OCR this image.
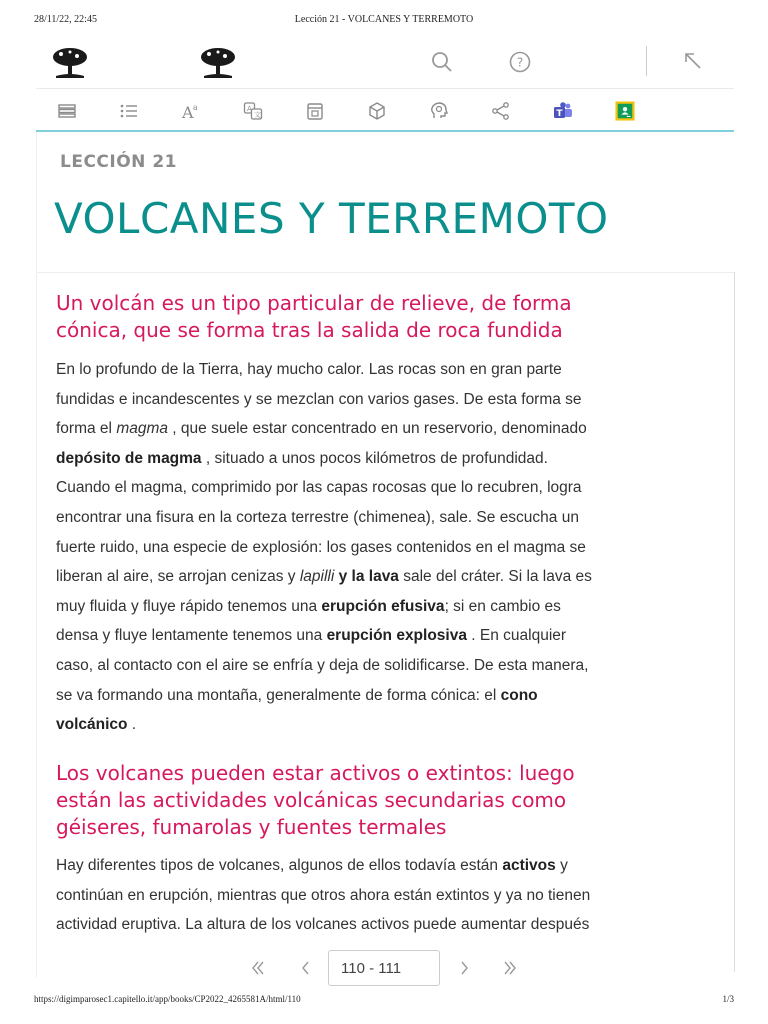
28/11/22, 22:45	Lección 21 - VOLCANES Y TERREMOTO
?
A a	A
文	T
LECCIÓN 21
VOLCANES Y TERREMOTO
Un volcán es un tipo particular de relieve, de forma
cónica, que se forma tras la salida de roca fundida
En lo profundo de la Tierra, hay mucho calor. Las rocas son en gran parte
fundidas e incandescentes y se mezclan con varios gases. De esta forma se
forma el magma , que suele estar concentrado en un reservorio, denominado
depósito de magma , situado a unos pocos kilómetros de profundidad.
Cuando el magma, comprimido por las capas rocosas que lo recubren, logra
encontrar una fisura en la corteza terrestre (chimenea), sale. Se escucha un
fuerte ruido, una especie de explosión: los gases contenidos en el magma se
liberan al aire, se arrojan cenizas y lapilli y la lava sale del cráter. Si la lava es
muy fluida y fluye rápido tenemos una erupción efusiva; si en cambio es
densa y fluye lentamente tenemos una erupción explosiva . En cualquier
caso, al contacto con el aire se enfría y deja de solidificarse. De esta manera,
se va formando una montaña, generalmente de forma cónica: el cono
volcánico .
Los volcanes pueden estar activos o extintos: luego
están las actividades volcánicas secundarias como
géiseres, fumarolas y fuentes termales
Hay diferentes tipos de volcanes, algunos de ellos todavía están activos y
continúan en erupción, mientras que otros ahora están extintos y ya no tienen
actividad eruptiva. La altura de los volcanes activos puede aumentar después
110 - 111
https://digimparosec1.capitello.it/app/books/CP2022_4265581A/html/110	1/3
